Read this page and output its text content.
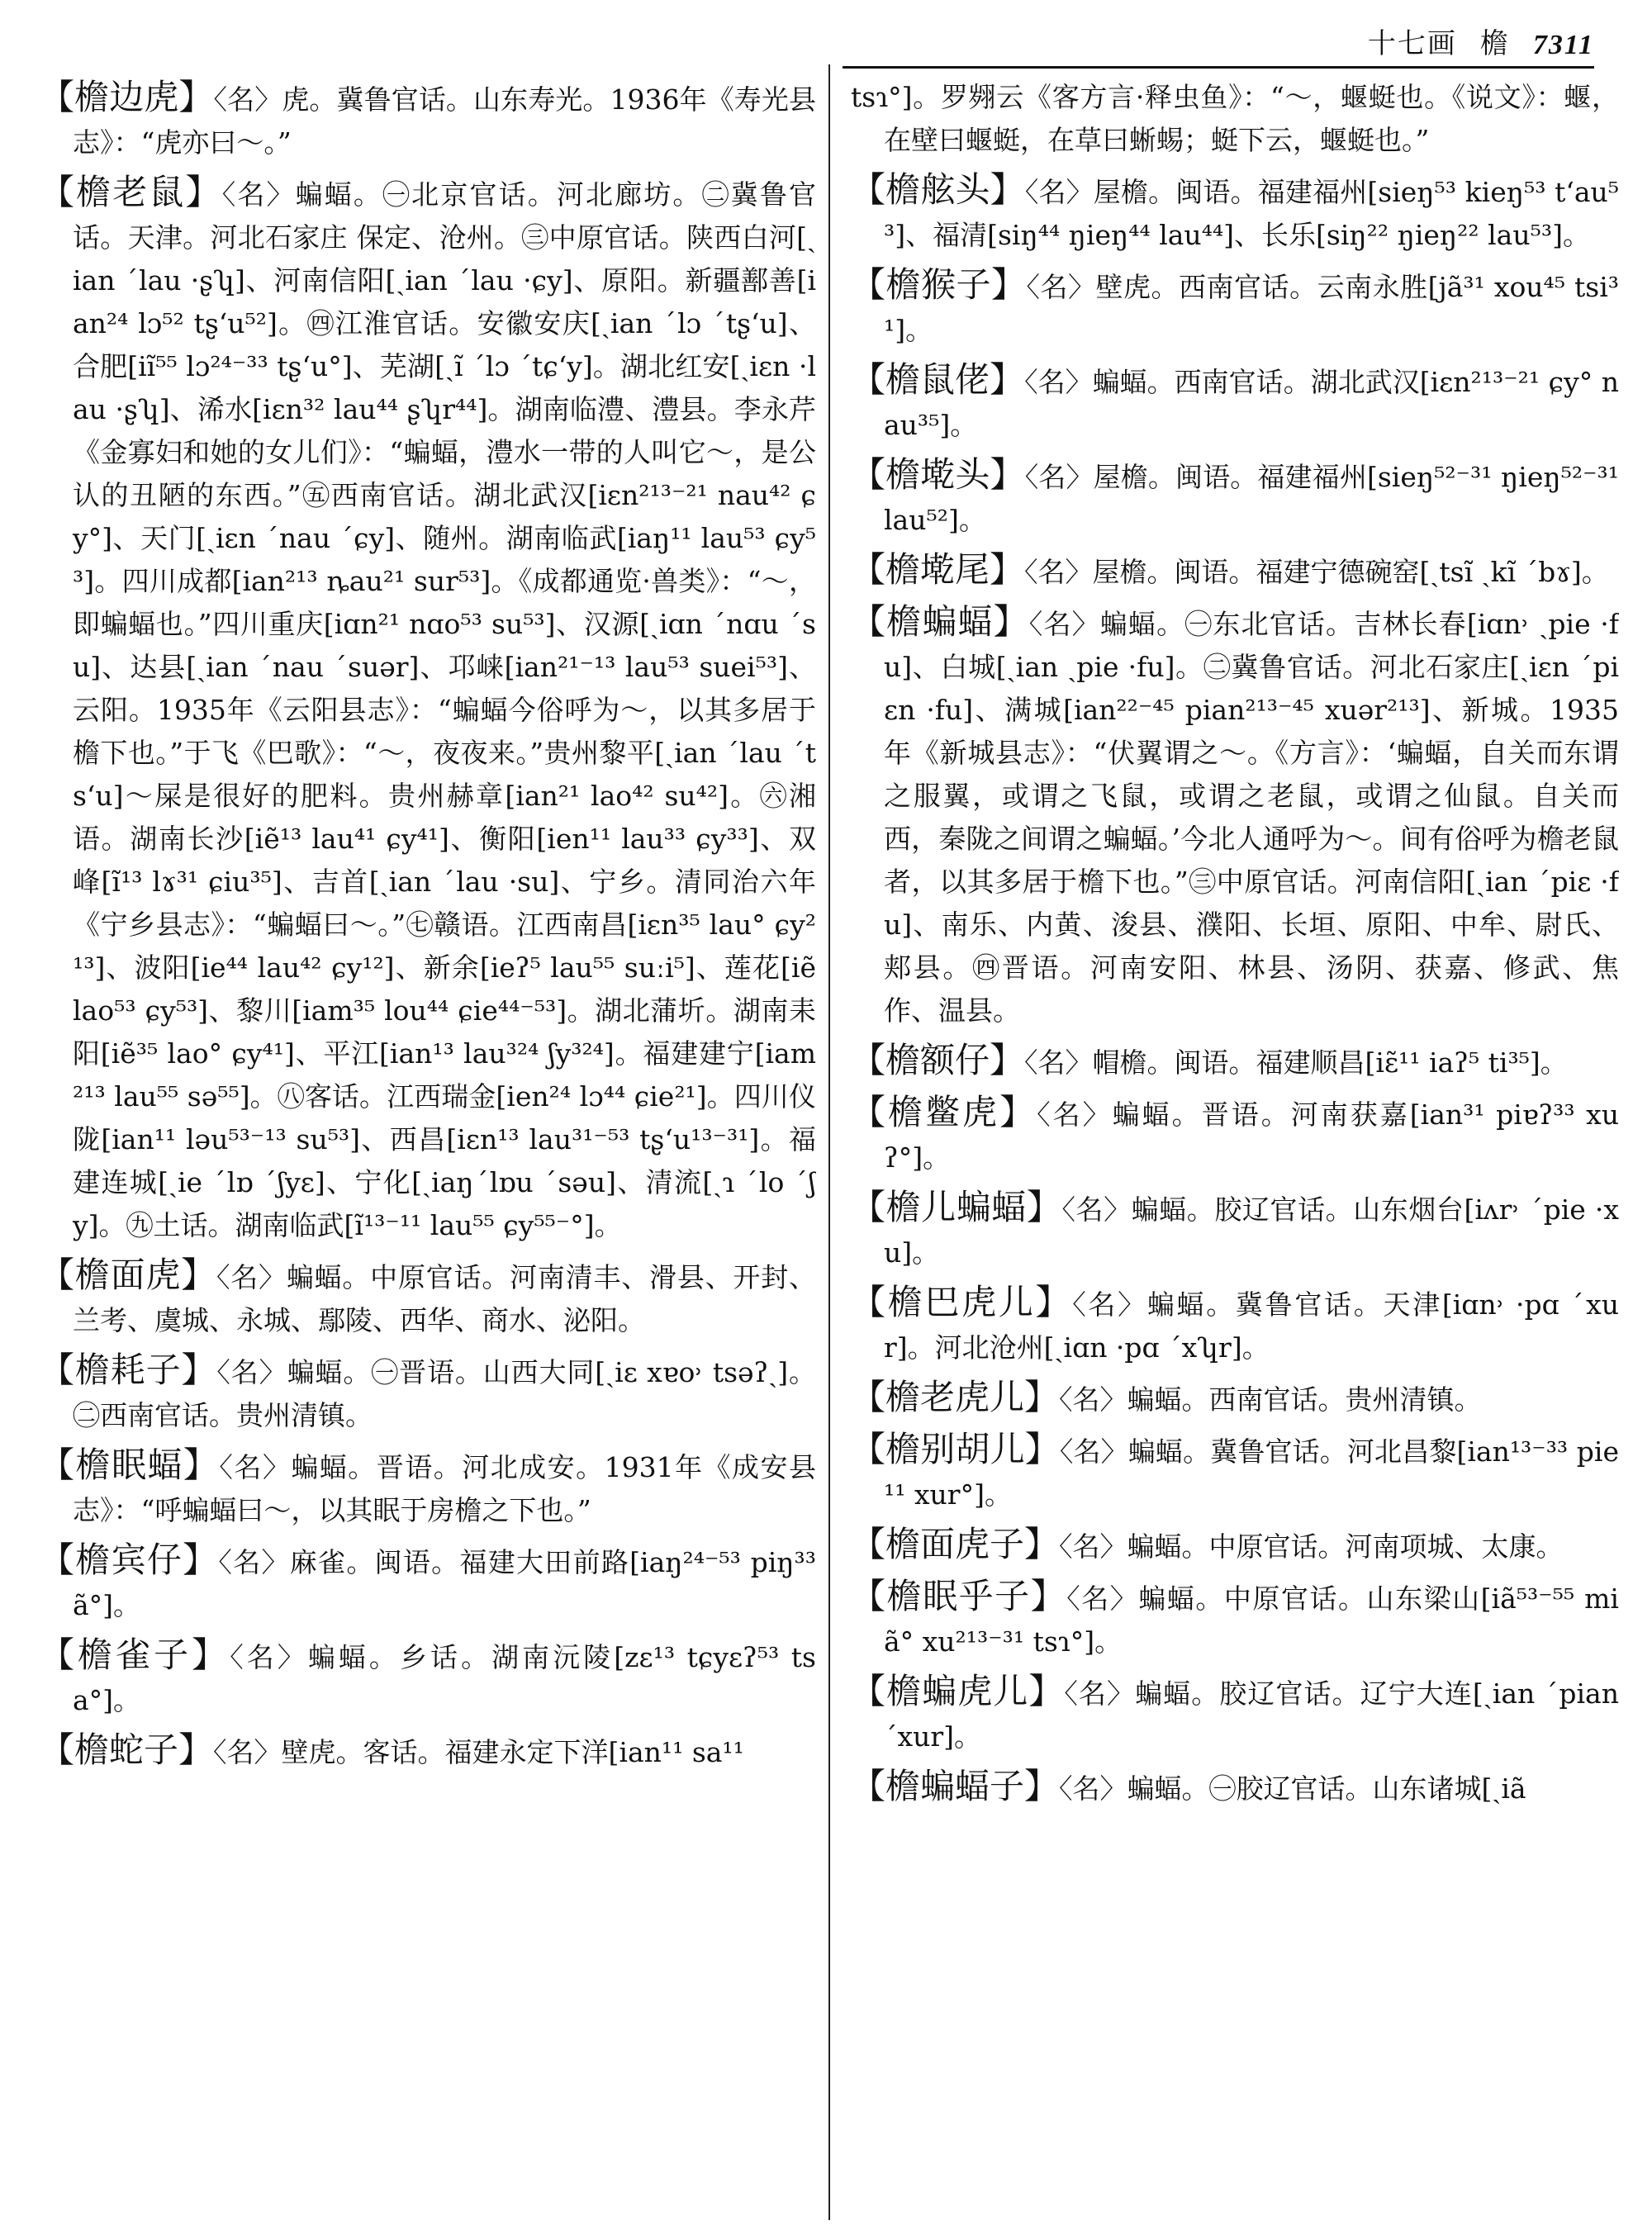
十七画 檐 7311
【檐边虎】〈名〉虎。冀鲁官话。山东寿光。1936年《寿光县志》：“虎亦曰～。”
【檐老鼠】〈名〉蝙蝠。㊀北京官话。河北廊坊。㊁冀鲁官话。天津。河北石家庄 保定、沧州。㊂中原官话。陕西白河[ˏian ˊlau ·ʂʮ]、河南信阳[ˏian ˊlau ·ɕy]、原阳。新疆鄯善[ian²⁴ lɔ⁵² tʂʻu⁵²]。㊃江淮官话。安徽安庆[ˏian ˊlɔ ˊtʂʻu]、合肥[iĩ⁵⁵ lɔ²⁴⁻³³ tʂʻu°]、芜湖[ˏĩ ˊlɔ ˊtɕʻy]。湖北红安[ˏiɛn ·lau ·ʂʮ]、浠水[iɛn³² lau⁴⁴ ʂʮr⁴⁴]。湖南临澧、澧县。李永芹《金寡妇和她的女儿们》：“蝙蝠，澧水一带的人叫它～，是公认的丑陋的东西。”㊄西南官话。湖北武汉[iɛn²¹³⁻²¹ nau⁴² ɕy°]、天门[ˏiɛn ˊnau ˊɕy]、随州。湖南临武[iaŋ¹¹ lau⁵³ ɕy⁵³]。四川成都[ian²¹³ ȵau²¹ sur⁵³]。《成都通览·兽类》：“～，即蝙蝠也。”四川重庆[iɑn²¹ nɑo⁵³ su⁵³]、汉源[ˏiɑn ˊnɑu ˊsu]、达县[ˏian ˊnau ˊsuər]、邛崃[ian²¹⁻¹³ lau⁵³ suei⁵³]、云阳。1935年《云阳县志》：“蝙蝠今俗呼为～，以其多居于檐下也。”于飞《巴歌》：“～，夜夜来。”贵州黎平[ˏian ˊlau ˊtsʻu]～屎是很好的肥料。贵州赫章[ian²¹ lao⁴² su⁴²]。㊅湘语。湖南长沙[iẽ¹³ lau⁴¹ ɕy⁴¹]、衡阳[ien¹¹ lau³³ ɕy³³]、双峰[ĩ¹³ lɤ³¹ ɕiu³⁵]、吉首[ˏian ˊlau ·su]、宁乡。清同治六年《宁乡县志》：“蝙蝠曰～。”㊆赣语。江西南昌[iɛn³⁵ lau° ɕy²¹³]、波阳[ie⁴⁴ lau⁴² ɕy¹²]、新余[ieʔ⁵ lau⁵⁵ suːi⁵]、莲花[iẽ lao⁵³ ɕy⁵³]、黎川[iam³⁵ lou⁴⁴ ɕie⁴⁴⁻⁵³]。湖北蒲圻。湖南耒阳[iẽ³⁵ lao° ɕy⁴¹]、平江[ian¹³ lau³²⁴ ʃy³²⁴]。福建建宁[iam²¹³ lau⁵⁵ sə⁵⁵]。㊇客话。江西瑞金[ien²⁴ lɔ⁴⁴ ɕie²¹]。四川仪陇[ian¹¹ ləu⁵³⁻¹³ su⁵³]、西昌[iɛn¹³ lau³¹⁻⁵³ tʂʻu¹³⁻³¹]。福建连城[ˏie ˊlɒ ˊʃyɛ]、宁化[ˏiaŋˊlɒu ˊsəu]、清流[ˏɿ ˊlo ˊʃy]。㊈土话。湖南临武[ĩ¹³⁻¹¹ lau⁵⁵ ɕy⁵⁵⁻°]。
【檐面虎】〈名〉蝙蝠。中原官话。河南清丰、滑县、开封、兰考、虞城、永城、鄢陵、西华、商水、泌阳。
【檐耗子】〈名〉蝙蝠。㊀晋语。山西大同[ˏiɛ xɐo˒ tsəʔˏ]。㊁西南官话。贵州清镇。
【檐眠蝠】〈名〉蝙蝠。晋语。河北成安。1931年《成安县志》：“呼蝙蝠曰～，以其眠于房檐之下也。”
【檐宾仔】〈名〉麻雀。闽语。福建大田前路[iaŋ²⁴⁻⁵³ piŋ³³ ã°]。
【檐雀子】〈名〉蝙蝠。乡话。湖南沅陵[zɛ¹³ tɕyɛʔ⁵³ tsa°]。
【檐蛇子】〈名〉壁虎。客话。福建永定下洋[ian¹¹ sa¹¹
tsɿ°]。罗翙云《客方言·释虫鱼》：“～，蝘蜓也。《说文》：蝘，在壁曰蝘蜓，在草曰蜥蜴；蜓下云，蝘蜓也。”
【檐舷头】〈名〉屋檐。闽语。福建福州[sieŋ⁵³ kieŋ⁵³ tʻau⁵³]、福清[siŋ⁴⁴ ŋieŋ⁴⁴ lau⁴⁴]、长乐[siŋ²² ŋieŋ²² lau⁵³]。
【檐猴子】〈名〉壁虎。西南官话。云南永胜[jã³¹ xou⁴⁵ tsi³¹]。
【檐鼠佬】〈名〉蝙蝠。西南官话。湖北武汉[iɛn²¹³⁻²¹ ɕy° nau³⁵]。
【檐墘头】〈名〉屋檐。闽语。福建福州[sieŋ⁵²⁻³¹ ŋieŋ⁵²⁻³¹ lau⁵²]。
【檐墘尾】〈名〉屋檐。闽语。福建宁德碗窑[ˏtsĩ ˏkĩ ˊbɤ]。
【檐蝙蝠】〈名〉蝙蝠。㊀东北官话。吉林长春[iɑn˒ ˏpie ·fu]、白城[ˏian ˏpie ·fu]。㊁冀鲁官话。河北石家庄[ˏiɛn ˊpiɛn ·fu]、满城[ian²²⁻⁴⁵ pian²¹³⁻⁴⁵ xuər²¹³]、新城。1935年《新城县志》：“伏翼谓之～。《方言》：‘蝙蝠，自关而东谓之服翼，或谓之飞鼠，或谓之老鼠，或谓之仙鼠。自关而西，秦陇之间谓之蝙蝠。’今北人通呼为～。间有俗呼为檐老鼠者，以其多居于檐下也。”㊂中原官话。河南信阳[ˏian ˊpiɛ ·fu]、南乐、内黄、浚县、濮阳、长垣、原阳、中牟、尉氏、郏县。㊃晋语。河南安阳、林县、汤阴、获嘉、修武、焦作、温县。
【檐额仔】〈名〉帽檐。闽语。福建顺昌[iɛ̃¹¹ iaʔ⁵ ti³⁵]。
【檐鳖虎】〈名〉蝙蝠。晋语。河南获嘉[ian³¹ piɐʔ³³ xuʔ°]。
【檐儿蝙蝠】〈名〉蝙蝠。胶辽官话。山东烟台[iʌr˒ ˊpie ·xu]。
【檐巴虎儿】〈名〉蝙蝠。冀鲁官话。天津[iɑn˒ ·pɑ ˊxur]。河北沧州[ˏiɑn ·pɑ ˊxʮr]。
【檐老虎儿】〈名〉蝙蝠。西南官话。贵州清镇。
【檐别胡儿】〈名〉蝙蝠。冀鲁官话。河北昌黎[ian¹³⁻³³ pie¹¹ xur°]。
【檐面虎子】〈名〉蝙蝠。中原官话。河南项城、太康。
【檐眠乎子】〈名〉蝙蝠。中原官话。山东梁山[iã⁵³⁻⁵⁵ miã° xu²¹³⁻³¹ tsɿ°]。
【檐蝙虎儿】〈名〉蝙蝠。胶辽官话。辽宁大连[ˏian ˊpian ˊxur]。
【檐蝙蝠子】〈名〉蝙蝠。㊀胶辽官话。山东诸城[ˏiã
